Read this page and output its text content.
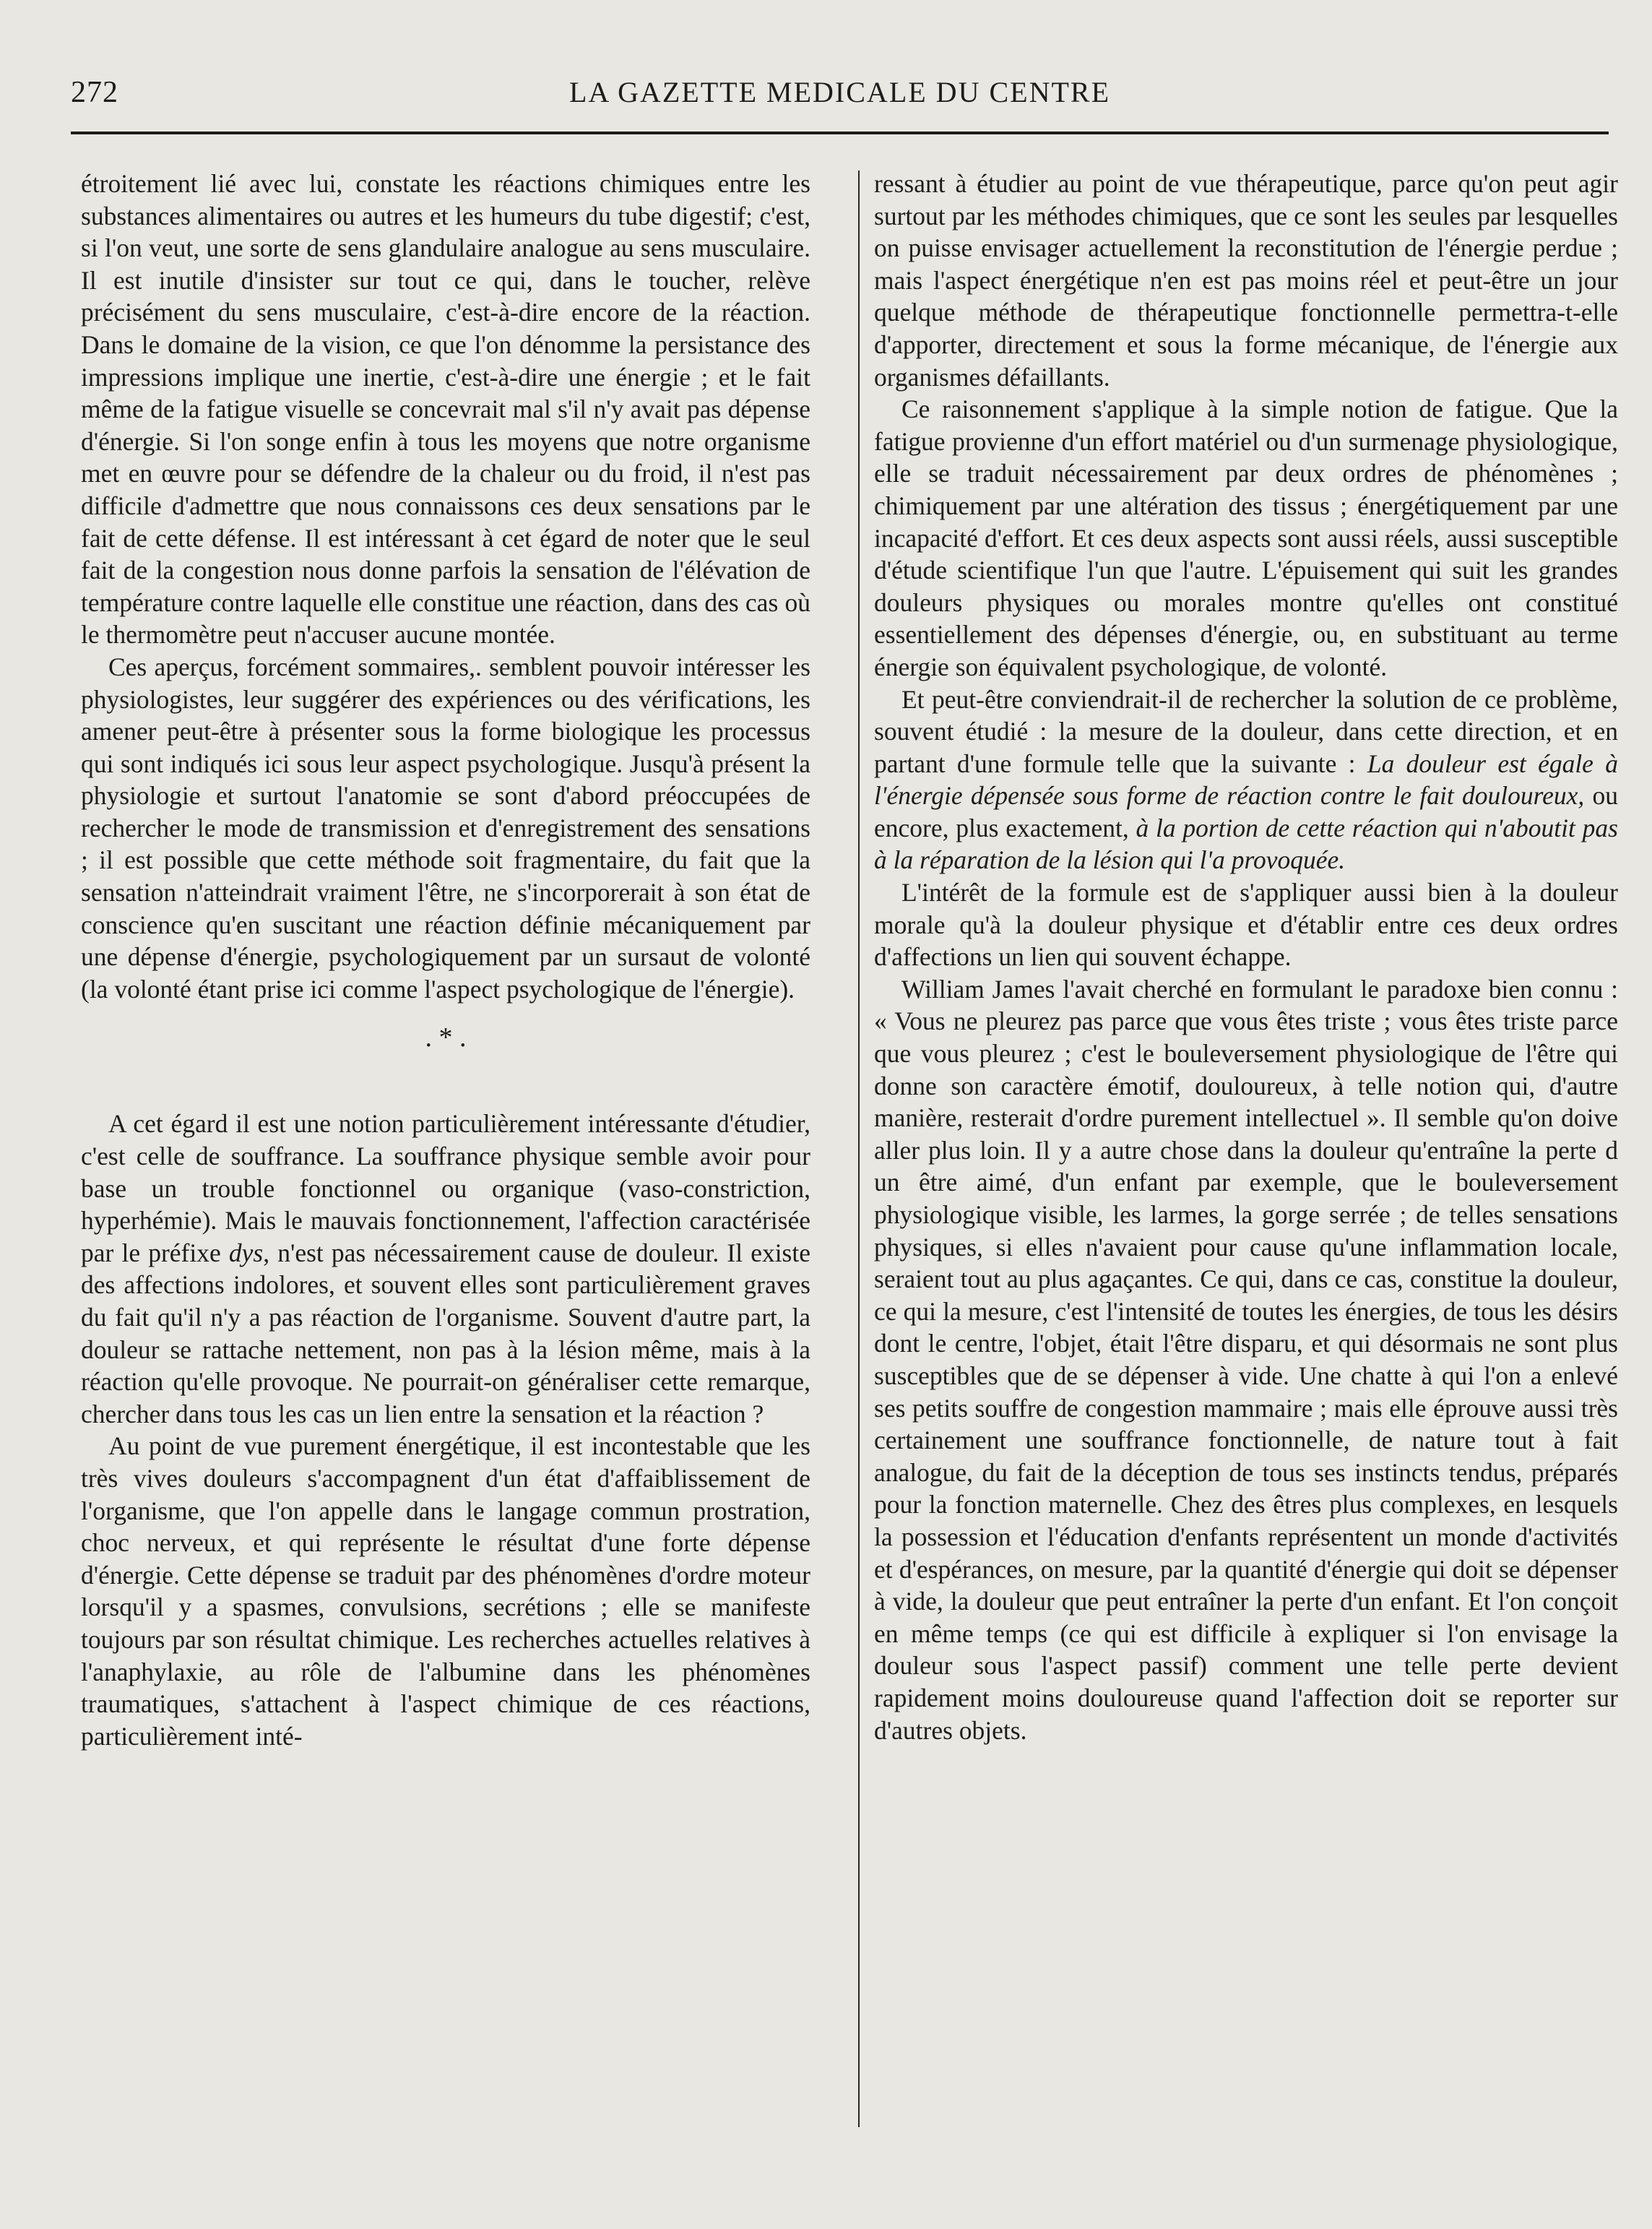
272	LA GAZETTE MEDICALE DU CENTRE

étroitement lié avec lui, constate les réactions chimiques entre les substances alimentaires ou autres et les humeurs du tube digestif; c'est, si l'on veut, une sorte de sens glandulaire analogue au sens musculaire. Il est inutile d'insister sur tout ce qui, dans le toucher, relève précisément du sens musculaire, c'est-à-dire encore de la réaction. Dans le domaine de la vision, ce que l'on dénomme la persistance des impressions implique une inertie, c'est-à-dire une énergie ; et le fait même de la fatigue visuelle se concevrait mal s'il n'y avait pas dépense d'énergie. Si l'on songe enfin à tous les moyens que notre organisme met en œuvre pour se défendre de la chaleur ou du froid, il n'est pas difficile d'admettre que nous connaissons ces deux sensations par le fait de cette défense. Il est intéressant à cet égard de noter que le seul fait de la congestion nous donne parfois la sensation de l'élévation de température contre laquelle elle constitue une réaction, dans des cas où le thermomètre peut n'accuser aucune montée.

Ces aperçus, forcément sommaires,. semblent pouvoir intéresser les physiologistes, leur suggérer des expériences ou des vérifications, les amener peut-être à présenter sous la forme biologique les processus qui sont indiqués ici sous leur aspect psychologique. Jusqu'à présent la physiologie et surtout l'anatomie se sont d'abord préoccupées de rechercher le mode de transmission et d'enregistrement des sensations ; il est possible que cette méthode soit fragmentaire, du fait que la sensation n'atteindrait vraiment l'être, ne s'incorporerait à son état de conscience qu'en suscitant une réaction définie mécaniquement par une dépense d'énergie, psychologiquement par un sursaut de volonté (la volonté étant prise ici comme l'aspect psychologique de l'énergie).

. * .

A cet égard il est une notion particulièrement intéressante d'étudier, c'est celle de souffrance. La souffrance physique semble avoir pour base un trouble fonctionnel ou organique (vaso-constriction, hyperhémie). Mais le mauvais fonctionnement, l'affection caractérisée par le préfixe dys, n'est pas nécessairement cause de douleur. Il existe des affections indolores, et souvent elles sont particulièrement graves du fait qu'il n'y a pas réaction de l'organisme. Souvent d'autre part, la douleur se rattache nettement, non pas à la lésion même, mais à la réaction qu'elle provoque. Ne pourrait-on généraliser cette remarque, chercher dans tous les cas un lien entre la sensation et la réaction ?

Au point de vue purement énergétique, il est incontestable que les très vives douleurs s'accompagnent d'un état d'affaiblissement de l'organisme, que l'on appelle dans le langage commun prostration, choc nerveux, et qui représente le résultat d'une forte dépense d'énergie. Cette dépense se traduit par des phénomènes d'ordre moteur lorsqu'il y a spasmes, convulsions, secrétions ; elle se manifeste toujours par son résultat chimique. Les recherches actuelles relatives à l'anaphylaxie, au rôle de l'albumine dans les phénomènes traumatiques, s'attachent à l'aspect chimique de ces réactions, particulièrement inté-

ressant à étudier au point de vue thérapeutique, parce qu'on peut agir surtout par les méthodes chimiques, que ce sont les seules par lesquelles on puisse envisager actuellement la reconstitution de l'énergie perdue ; mais l'aspect énergétique n'en est pas moins réel et peut-être un jour quelque méthode de thérapeutique fonctionnelle permettra-t-elle d'apporter, directement et sous la forme mécanique, de l'énergie aux organismes défaillants.

Ce raisonnement s'applique à la simple notion de fatigue. Que la fatigue provienne d'un effort matériel ou d'un surmenage physiologique, elle se traduit nécessairement par deux ordres de phénomènes ; chimiquement par une altération des tissus ; énergétiquement par une incapacité d'effort. Et ces deux aspects sont aussi réels, aussi susceptible d'étude scientifique l'un que l'autre. L'épuisement qui suit les grandes douleurs physiques ou morales montre qu'elles ont constitué essentiellement des dépenses d'énergie, ou, en substituant au terme énergie son équivalent psychologique, de volonté.

Et peut-être conviendrait-il de rechercher la solution de ce problème, souvent étudié : la mesure de la douleur, dans cette direction, et en partant d'une formule telle que la suivante : La douleur est égale à l'énergie dépensée sous forme de réaction contre le fait douloureux, ou encore, plus exactement, à la portion de cette réaction qui n'aboutit pas à la réparation de la lésion qui l'a provoquée.

L'intérêt de la formule est de s'appliquer aussi bien à la douleur morale qu'à la douleur physique et d'établir entre ces deux ordres d'affections un lien qui souvent échappe.

William James l'avait cherché en formulant le paradoxe bien connu : « Vous ne pleurez pas parce que vous êtes triste ; vous êtes triste parce que vous pleurez ; c'est le bouleversement physiologique de l'être qui donne son caractère émotif, douloureux, à telle notion qui, d'autre manière, resterait d'ordre purement intellectuel ». Il semble qu'on doive aller plus loin. Il y a autre chose dans la douleur qu'entraîne la perte d un être aimé, d'un enfant par exemple, que le bouleversement physiologique visible, les larmes, la gorge serrée ; de telles sensations physiques, si elles n'avaient pour cause qu'une inflammation locale, seraient tout au plus agaçantes. Ce qui, dans ce cas, constitue la douleur, ce qui la mesure, c'est l'intensité de toutes les énergies, de tous les désirs dont le centre, l'objet, était l'être disparu, et qui désormais ne sont plus susceptibles que de se dépenser à vide. Une chatte à qui l'on a enlevé ses petits souffre de congestion mammaire ; mais elle éprouve aussi très certainement une souffrance fonctionnelle, de nature tout à fait analogue, du fait de la déception de tous ses instincts tendus, préparés pour la fonction maternelle. Chez des êtres plus complexes, en lesquels la possession et l'éducation d'enfants représentent un monde d'activités et d'espérances, on mesure, par la quantité d'énergie qui doit se dépenser à vide, la douleur que peut entraîner la perte d'un enfant. Et l'on conçoit en même temps (ce qui est difficile à expliquer si l'on envisage la douleur sous l'aspect passif) comment une telle perte devient rapidement moins douloureuse quand l'affection doit se reporter sur d'autres objets.
